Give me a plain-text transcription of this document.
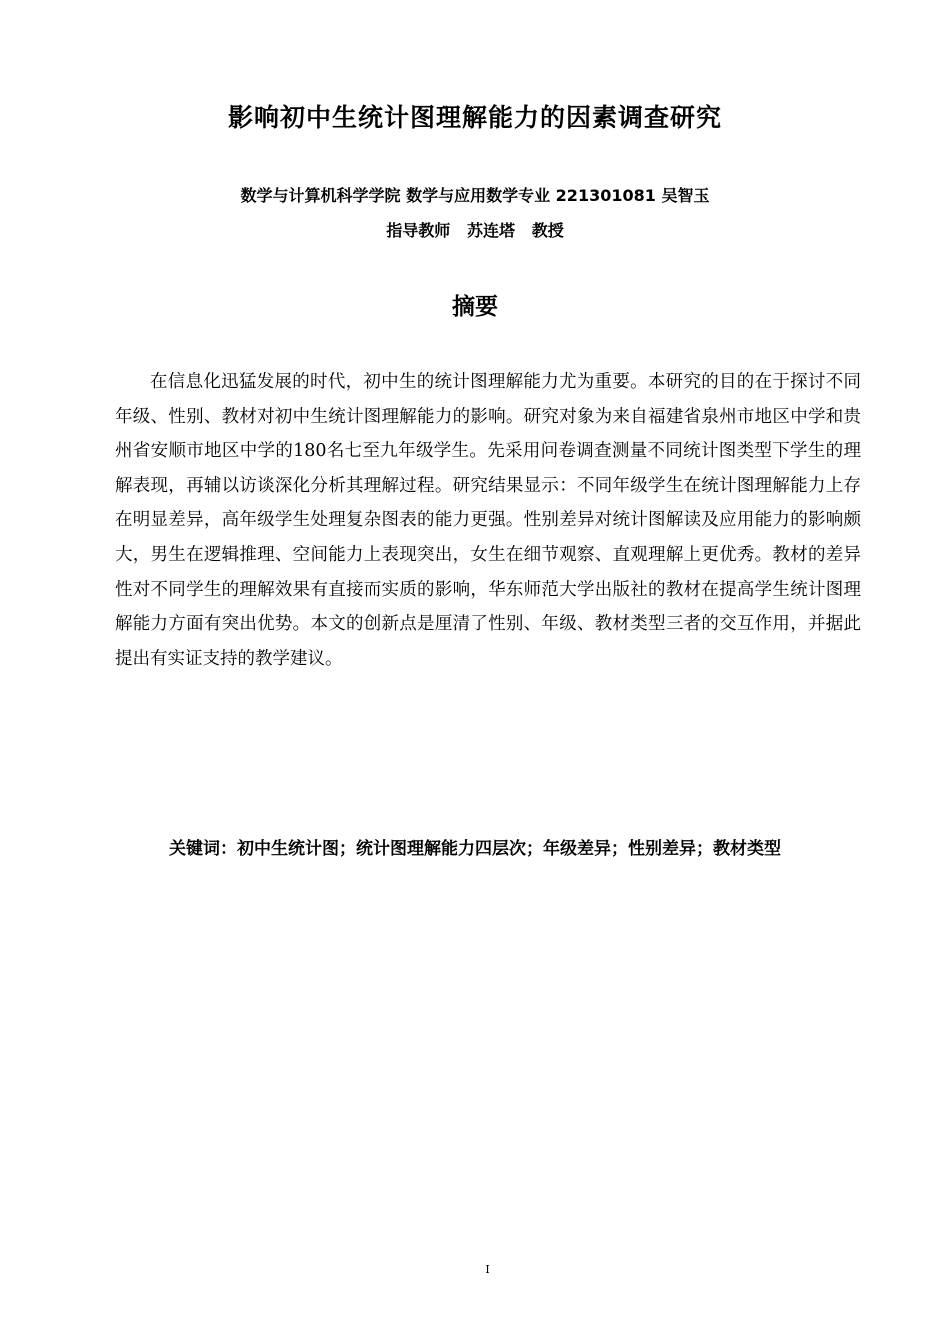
影响初中生统计图理解能力的因素调查研究
数学与计算机科学学院 数学与应用数学专业 221301081 吴智玉
指导教师   苏连塔   教授
摘要

在信息化迅猛发展的时代，初中生的统计图理解能力尤为重要。本研究的目的在于探讨不同年级、性别、教材对初中生统计图理解能力的影响。研究对象为来自福建省泉州市地区中学和贵州省安顺市地区中学的180名七至九年级学生。先采用问卷调查测量不同统计图类型下学生的理解表现，再辅以访谈深化分析其理解过程。研究结果显示：不同年级学生在统计图理解能力上存在明显差异，高年级学生处理复杂图表的能力更强。性别差异对统计图解读及应用能力的影响颇大，男生在逻辑推理、空间能力上表现突出，女生在细节观察、直观理解上更优秀。教材的差异性对不同学生的理解效果有直接而实质的影响，华东师范大学出版社的教材在提高学生统计图理解能力方面有突出优势。本文的创新点是厘清了性别、年级、教材类型三者的交互作用，并据此提出有实证支持的教学建议。

关键词：初中生统计图；统计图理解能力四层次；年级差异；性别差异；教材类型
I
